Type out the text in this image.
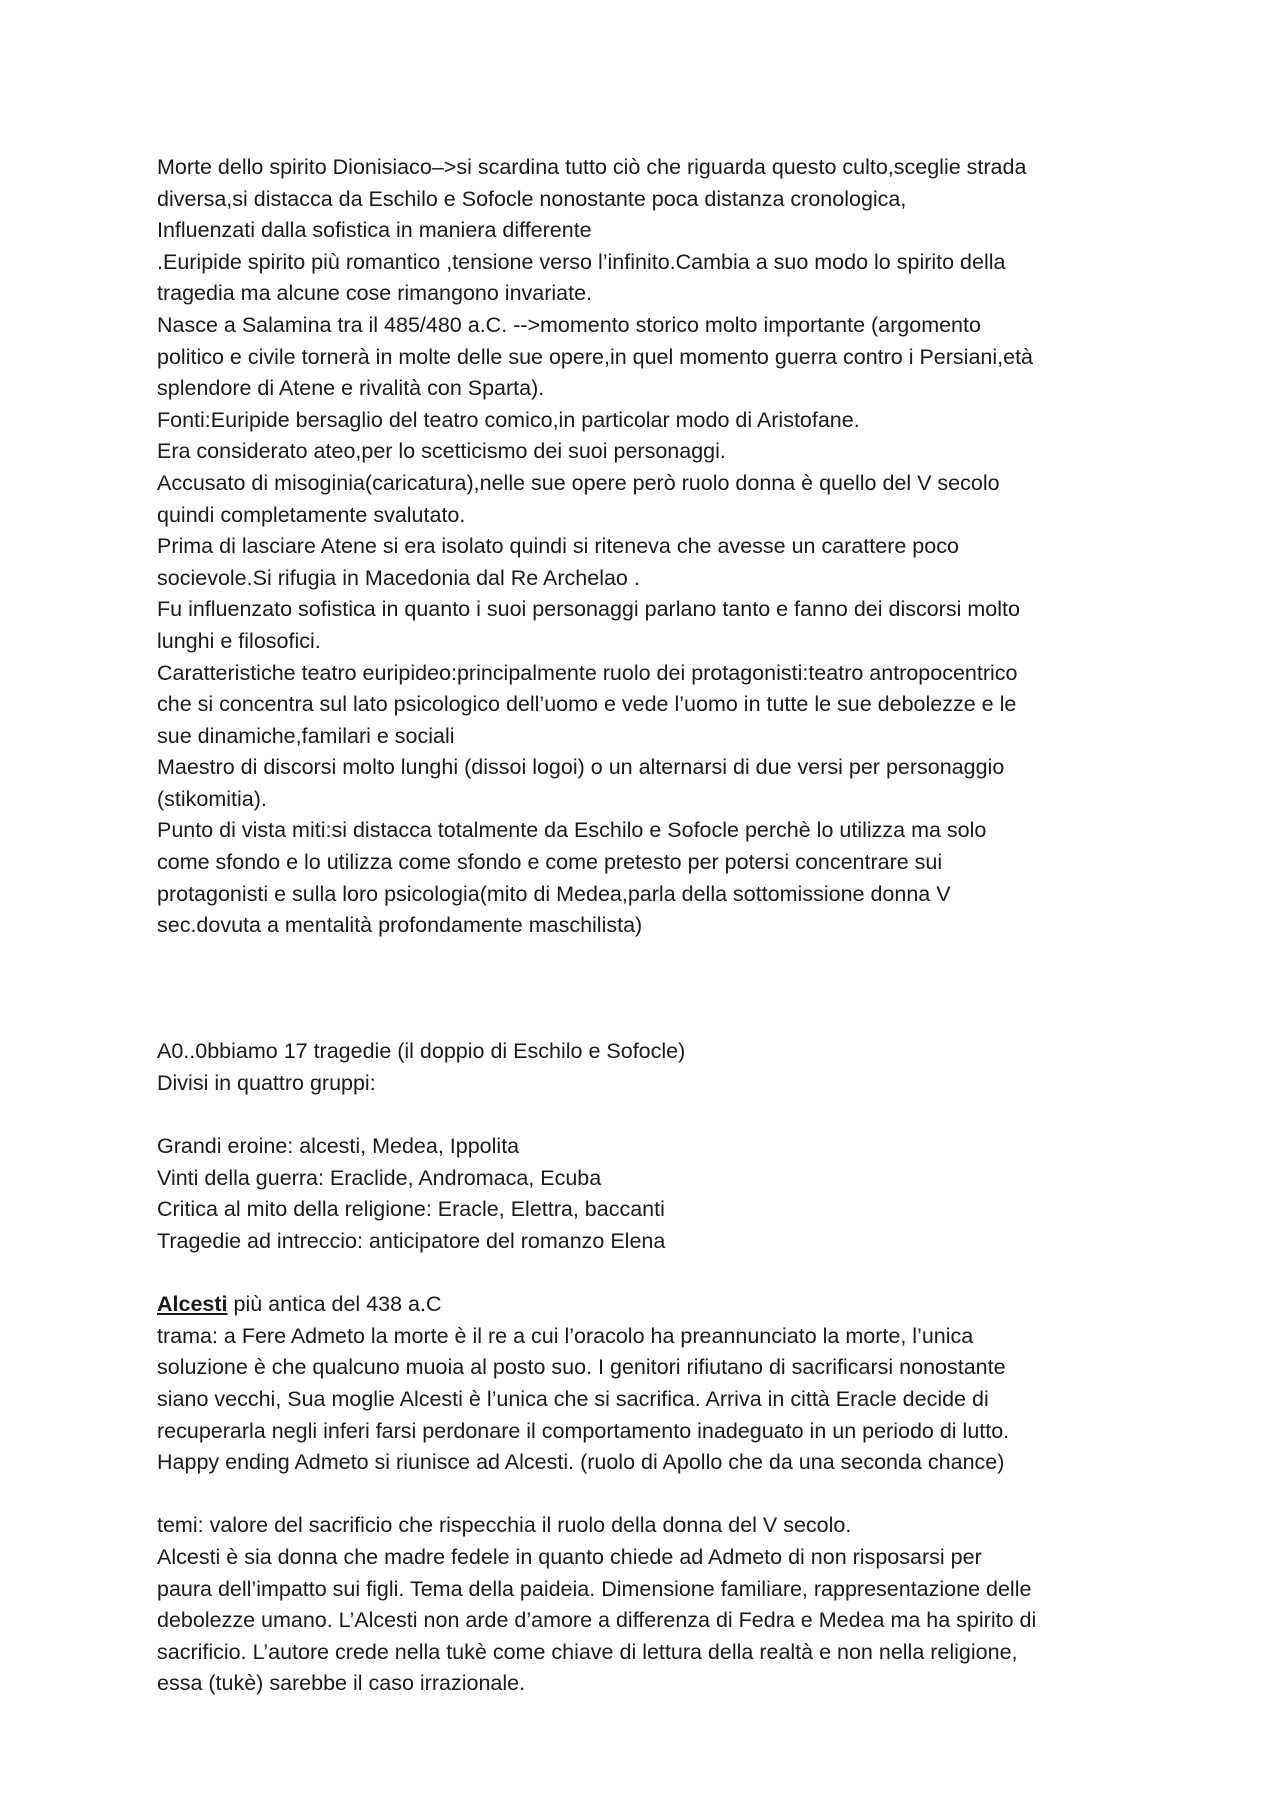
Morte dello spirito Dionisiaco–>si scardina tutto ciò che riguarda questo culto,sceglie strada
diversa,si distacca da Eschilo e Sofocle nonostante poca distanza cronologica,
Influenzati dalla sofistica in maniera differente
.Euripide spirito più romantico ,tensione verso l’infinito.Cambia a suo modo lo spirito della
tragedia ma alcune cose rimangono invariate.
Nasce a Salamina tra il 485/480 a.C. -->momento storico molto importante (argomento
politico e civile tornerà in molte delle sue opere,in quel momento guerra contro i Persiani,età
splendore di Atene e rivalità con Sparta).
Fonti:Euripide bersaglio del teatro comico,in particolar modo di Aristofane.
Era considerato ateo,per lo scetticismo dei suoi personaggi.
Accusato di misoginia(caricatura),nelle sue opere però ruolo donna è quello del V secolo
quindi completamente svalutato.
Prima di lasciare Atene si era isolato quindi si riteneva che avesse un carattere poco
socievole.Si rifugia in Macedonia dal Re Archelao .
Fu influenzato sofistica in quanto i suoi personaggi parlano tanto e fanno dei discorsi molto
lunghi e filosofici.
Caratteristiche teatro euripideo:principalmente ruolo dei protagonisti:teatro antropocentrico
che si concentra sul lato psicologico dell’uomo e vede l’uomo in tutte le sue debolezze e le
sue dinamiche,familari e sociali
Maestro di discorsi molto lunghi (dissoi logoi) o un alternarsi di due versi per personaggio
(stikomitia).
Punto di vista miti:si distacca totalmente da Eschilo e Sofocle perchè lo utilizza ma solo
come sfondo e lo utilizza come sfondo e come pretesto per potersi concentrare sui
protagonisti e sulla loro psicologia(mito di Medea,parla della sottomissione donna V
sec.dovuta a mentalità profondamente maschilista)
A0..0bbiamo 17 tragedie (il doppio di Eschilo e Sofocle)
Divisi in quattro gruppi:
Grandi eroine: alcesti, Medea, Ippolita
Vinti della guerra: Eraclide, Andromaca, Ecuba
Critica al mito della religione: Eracle, Elettra, baccanti
Tragedie ad intreccio: anticipatore del romanzo Elena
Alcesti più antica del 438 a.C
trama: a Fere Admeto la morte è il re a cui l’oracolo ha preannunciato la morte, l’unica
soluzione è che qualcuno muoia al posto suo. I genitori rifiutano di sacrificarsi nonostante
siano vecchi, Sua moglie Alcesti è l’unica che si sacrifica. Arriva in città Eracle decide di
recuperarla negli inferi farsi perdonare il comportamento inadeguato in un periodo di lutto.
Happy ending Admeto si riunisce ad Alcesti. (ruolo di Apollo che da una seconda chance)
temi: valore del sacrificio che rispecchia il ruolo della donna del V secolo.
Alcesti è sia donna che madre fedele in quanto chiede ad Admeto di non risposarsi per
paura dell’impatto sui figli. Tema della paideia. Dimensione familiare, rappresentazione delle
debolezze umano. L’Alcesti non arde d’amore a differenza di Fedra e Medea ma ha spirito di
sacrificio. L’autore crede nella tukè come chiave di lettura della realtà e non nella religione,
essa (tukè) sarebbe il caso irrazionale.
